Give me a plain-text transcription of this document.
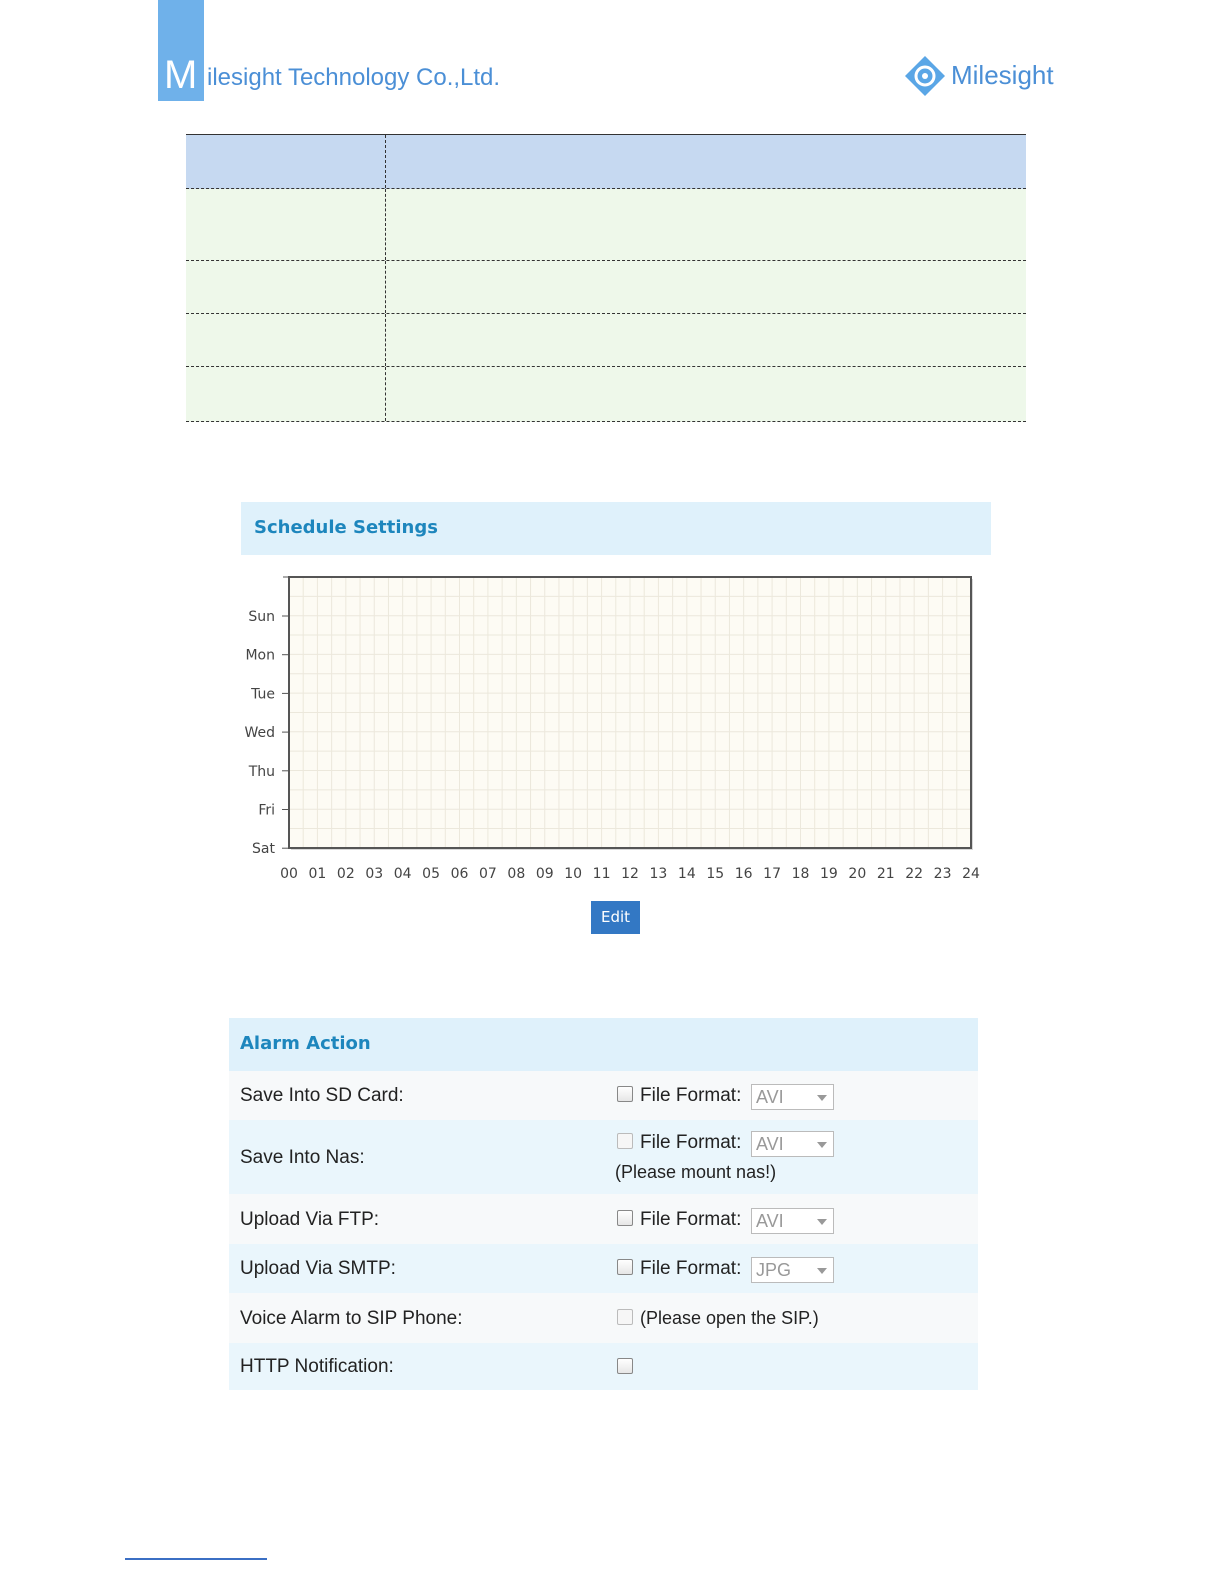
M ilesight Technology Co.,Ltd.	Milesight
Schedule Settings
Sun
Mon
Tue
Wed
Thu
Fri
Sat
00 01 02 03 04 05 06 07 08 09 10 11 12 13 14 15 16 17 18 19 20 21 22 23 24
Edit
Alarm Action
Save Into SD Card:	File Format: AVI
Save Into Nas:
File Format: AVI
(Please mount nas!)
Upload Via FTP:	File Format: AVI
Upload Via SMTP:	File Format: JPG
Voice Alarm to SIP Phone:	(Please open the SIP.)
HTTP Notification:
